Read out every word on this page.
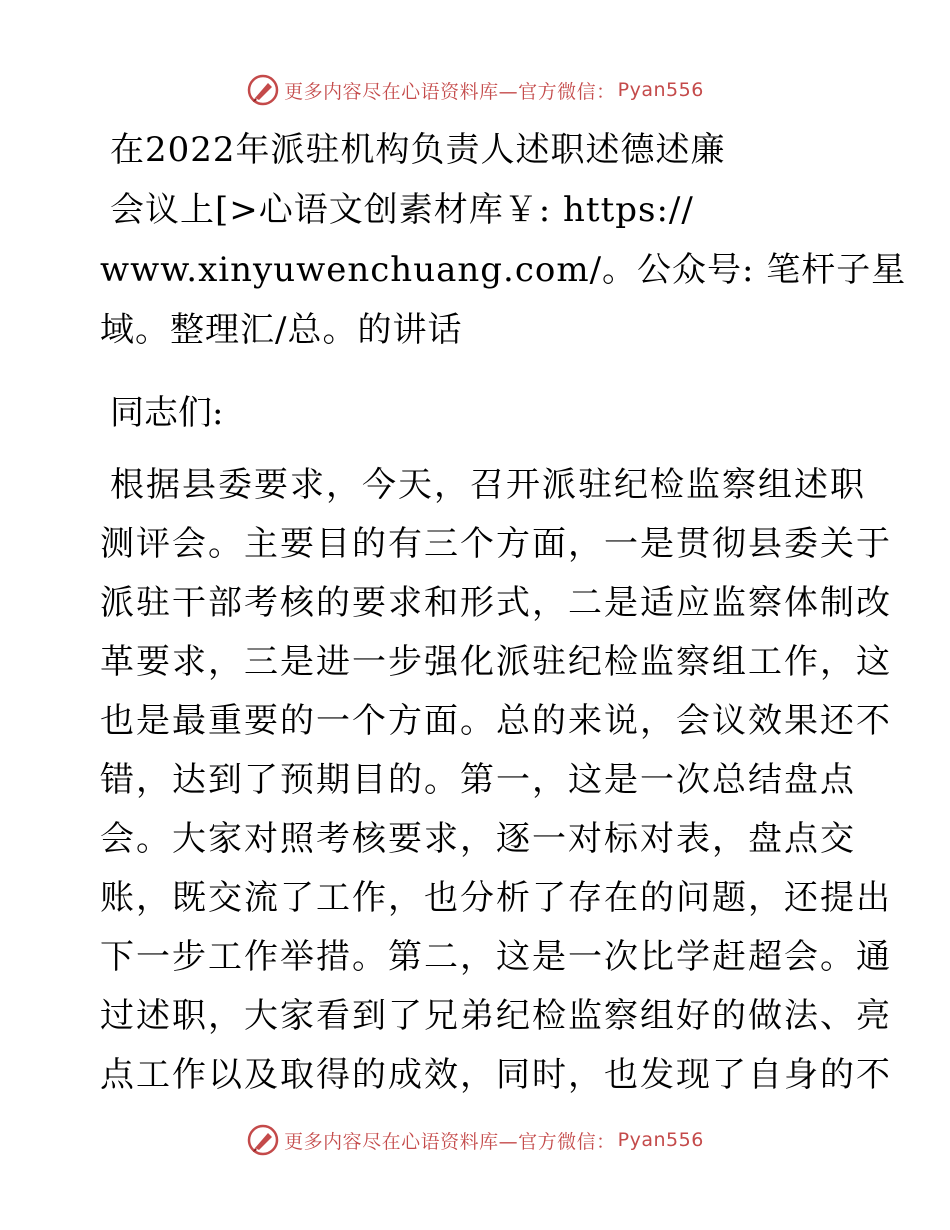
更多内容尽在心语资料库—官方微信： Pyan556
在2022年派驻机构负责人述职述德述廉
会议上[>心语文创素材库￥: https://
www.xinyuwenchuang.com/。公众号: 笔杆子星
域。整理汇/总。的讲话
同志们:
根据县委要求，今天，召开派驻纪检监察组述职
测评会。主要目的有三个方面，一是贯彻县委关于
派驻干部考核的要求和形式，二是适应监察体制改
革要求，三是进一步强化派驻纪检监察组工作，这
也是最重要的一个方面。总的来说，会议效果还不
错，达到了预期目的。第一，这是一次总结盘点
会。大家对照考核要求，逐一对标对表，盘点交
账，既交流了工作，也分析了存在的问题，还提出
下一步工作举措。第二，这是一次比学赶超会。通
过述职，大家看到了兄弟纪检监察组好的做法、亮
点工作以及取得的成效，同时，也发现了自身的不
更多内容尽在心语资料库—官方微信： Pyan556
